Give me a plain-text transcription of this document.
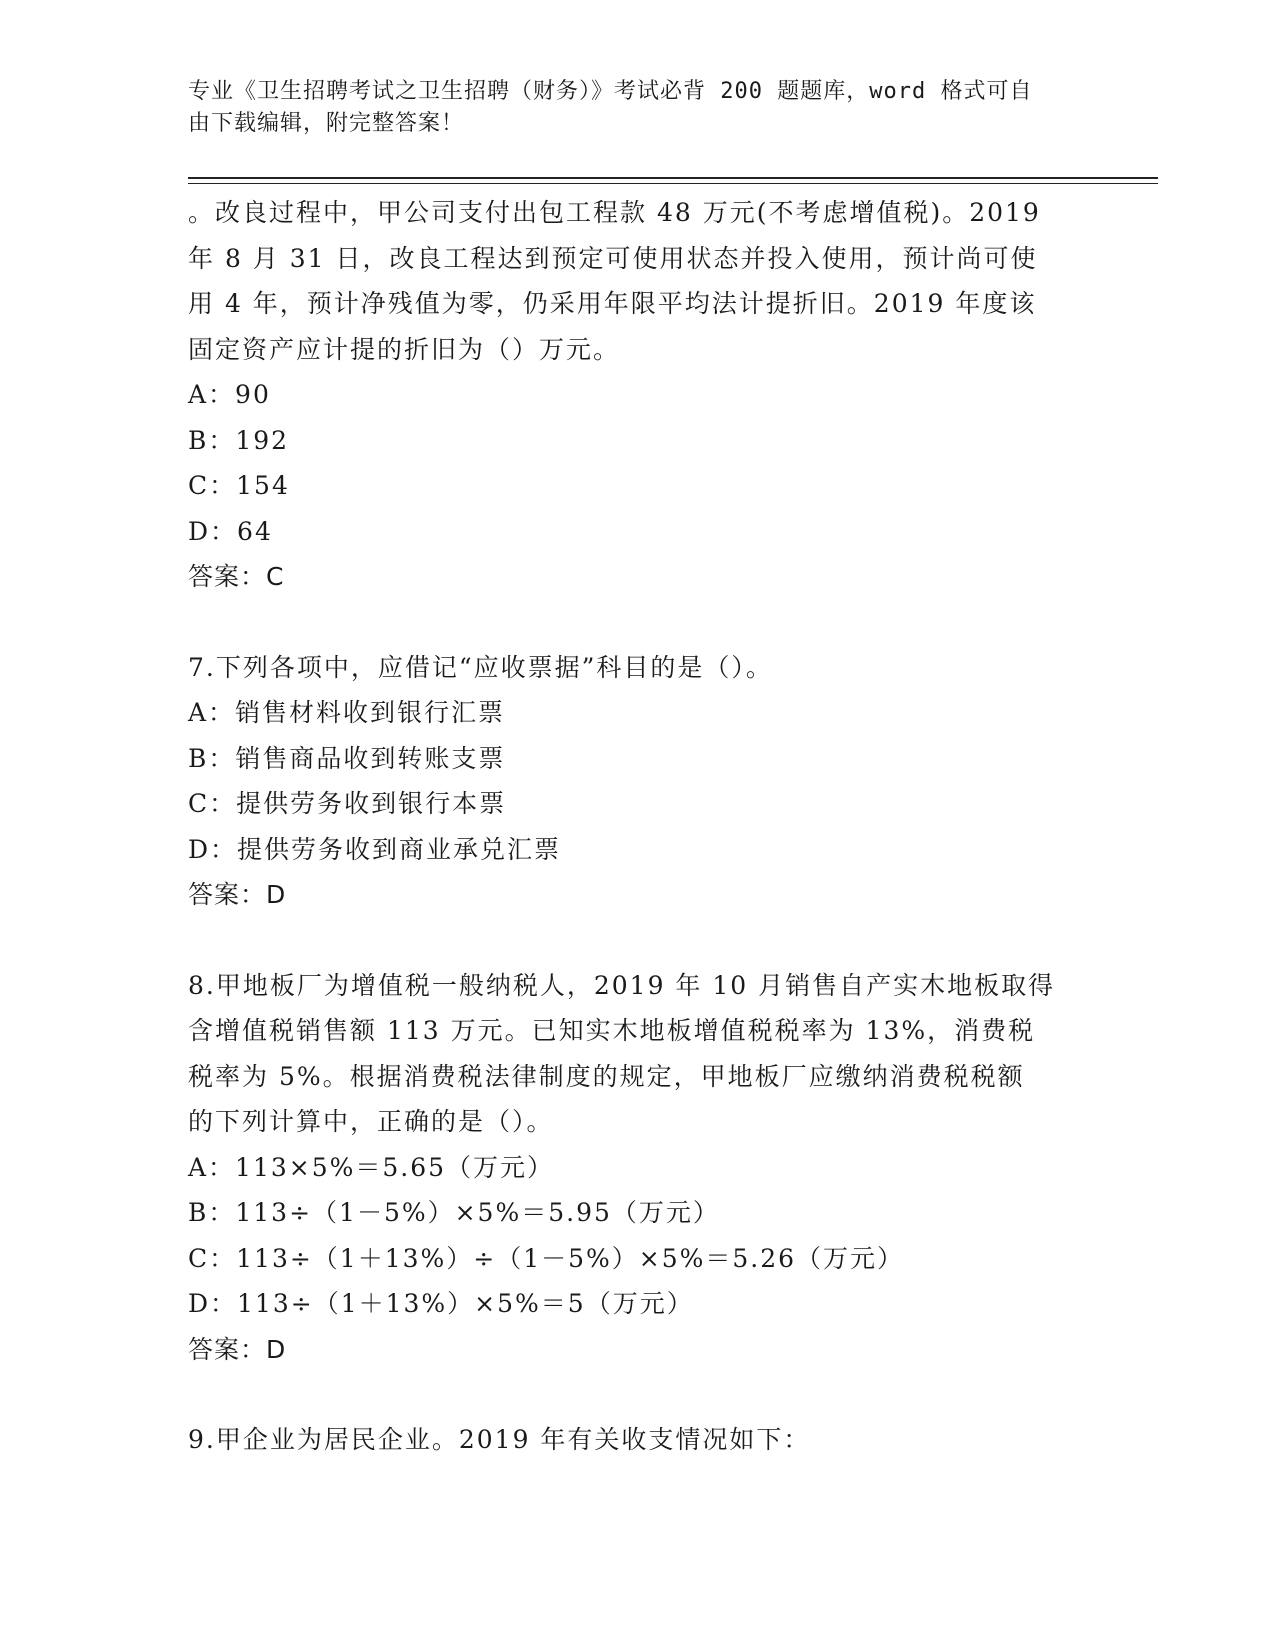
专业《卫生招聘考试之卫生招聘（财务）》考试必背 200 题题库，word 格式可自
由下载编辑，附完整答案！

。改良过程中，甲公司支付出包工程款 48 万元(不考虑增值税)。2019

年 8 月 31 日，改良工程达到预定可使用状态并投入使用，预计尚可使

用 4 年，预计净残值为零，仍采用年限平均法计提折旧。2019 年度该

固定资产应计提的折旧为（）万元。

A：90

B：192

C：154

D：64

答案：C

7.下列各项中，应借记“应收票据”科目的是（）。

A：销售材料收到银行汇票

B：销售商品收到转账支票

C：提供劳务收到银行本票

D：提供劳务收到商业承兑汇票

答案：D

8.甲地板厂为增值税一般纳税人，2019 年 10 月销售自产实木地板取得

含增值税销售额 113 万元。已知实木地板增值税税率为 13%，消费税

税率为 5%。根据消费税法律制度的规定，甲地板厂应缴纳消费税税额

的下列计算中，正确的是（）。

A：113×5%＝5.65（万元）

B：113÷（1－5%）×5%＝5.95（万元）

C：113÷（1＋13%）÷（1－5%）×5%＝5.26（万元）

D：113÷（1＋13%）×5%＝5（万元）

答案：D

9.甲企业为居民企业。2019 年有关收支情况如下：
